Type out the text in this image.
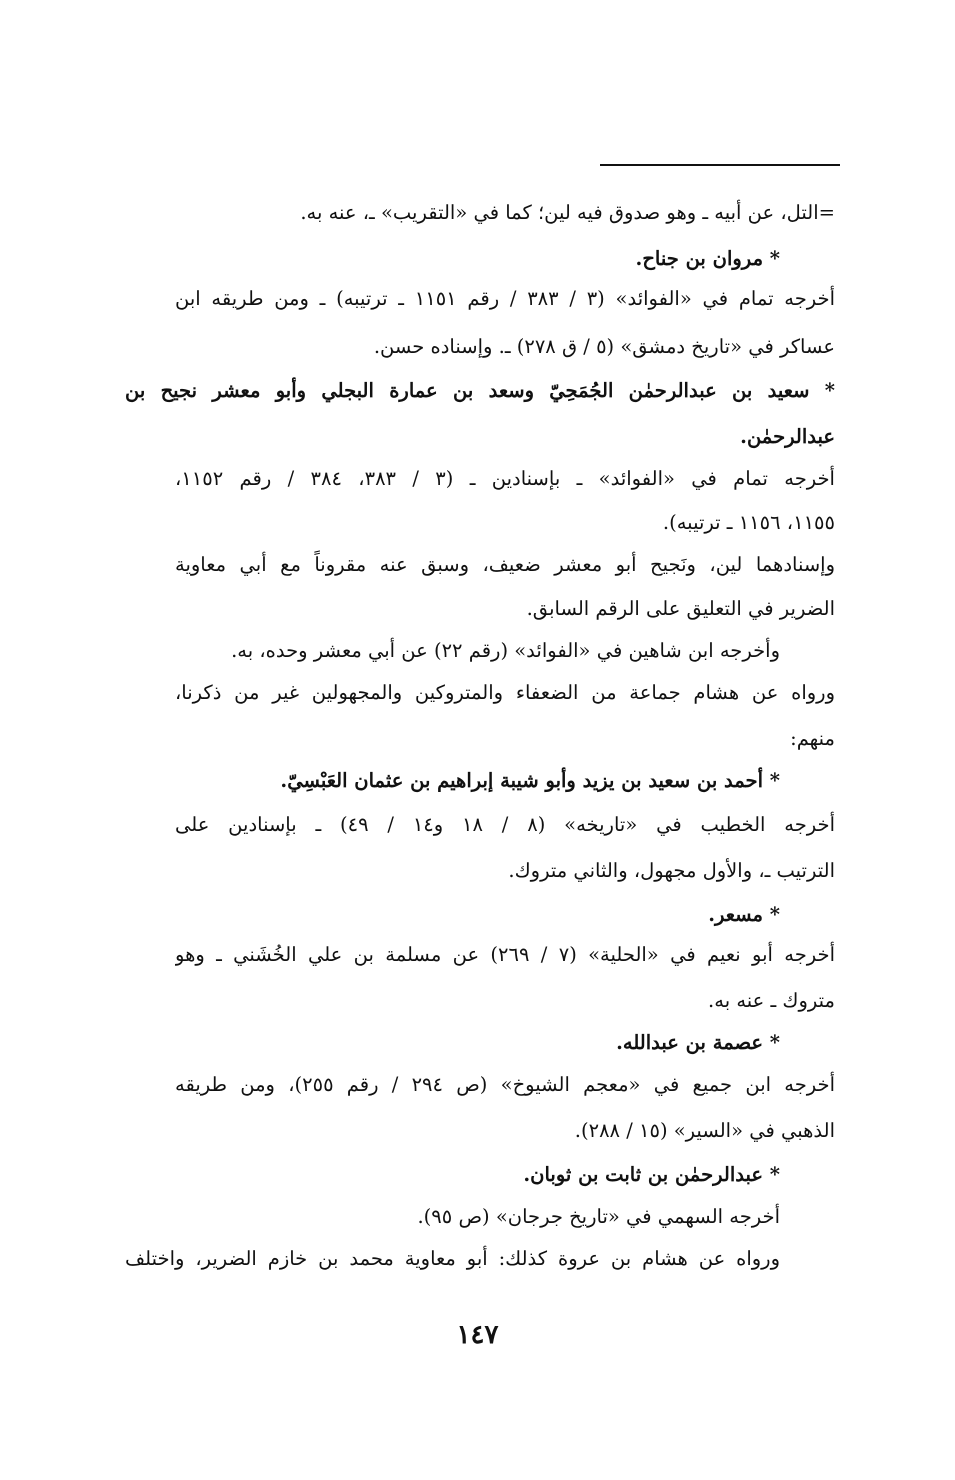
=التل، عن أبيه ـ وهو صدوق فيه لين؛ كما في «التقريب» ـ، عنه به.
* مروان بن جناح.
أخرجه تمام في «الفوائد» (٣ / ٣٨٣ / رقم ١١٥١ ـ ترتيبه) ـ ومن طريقه ابن
عساكر في «تاريخ دمشق» (٥ / ق ٢٧٨) ـ. وإسناده حسن.
* سعيد بن عبدالرحمٰن الجُمَحِيّ وسعد بن عمارة البجلي وأبو معشر نجيح بن
عبدالرحمٰن.
أخرجه تمام في «الفوائد» ـ بإسنادين ـ (٣ / ٣٨٣، ٣٨٤ / رقم ١١٥٢،
١١٥٥، ١١٥٦ ـ ترتيبه).
وإسنادهما لين، ونَجيح أبو معشر ضعيف، وسبق عنه مقروناً مع أبي معاوية
الضرير في التعليق على الرقم السابق.
وأخرجه ابن شاهين في «الفوائد» (رقم ٢٢) عن أبي معشر وحده، به.
ورواه عن هشام جماعة من الضعفاء والمتروكين والمجهولين غير من ذكرنا،
منهم:
* أحمد بن سعيد بن يزيد وأبو شيبة إبراهيم بن عثمان العَبْسِيّ.
أخرجه الخطيب في «تاريخه» (٨ / ١٨ و١٤ / ٤٩) ـ بإسنادين على
الترتيب ـ، والأول مجهول، والثاني متروك.
* مسعر.
أخرجه أبو نعيم في «الحلية» (٧ / ٢٦٩) عن مسلمة بن علي الخُشَني ـ وهو
متروك ـ عنه به.
* عصمة بن عبدالله.
أخرجه ابن جميع في «معجم الشيوخ» (ص ٢٩٤ / رقم ٢٥٥)، ومن طريقه
الذهبي في «السير» (١٥ / ٢٨٨).
* عبدالرحمٰن بن ثابت بن ثوبان.
أخرجه السهمي في «تاريخ جرجان» (ص ٩٥).
ورواه عن هشام بن عروة كذلك: أبو معاوية محمد بن خازم الضرير، واختلف
١٤٧
